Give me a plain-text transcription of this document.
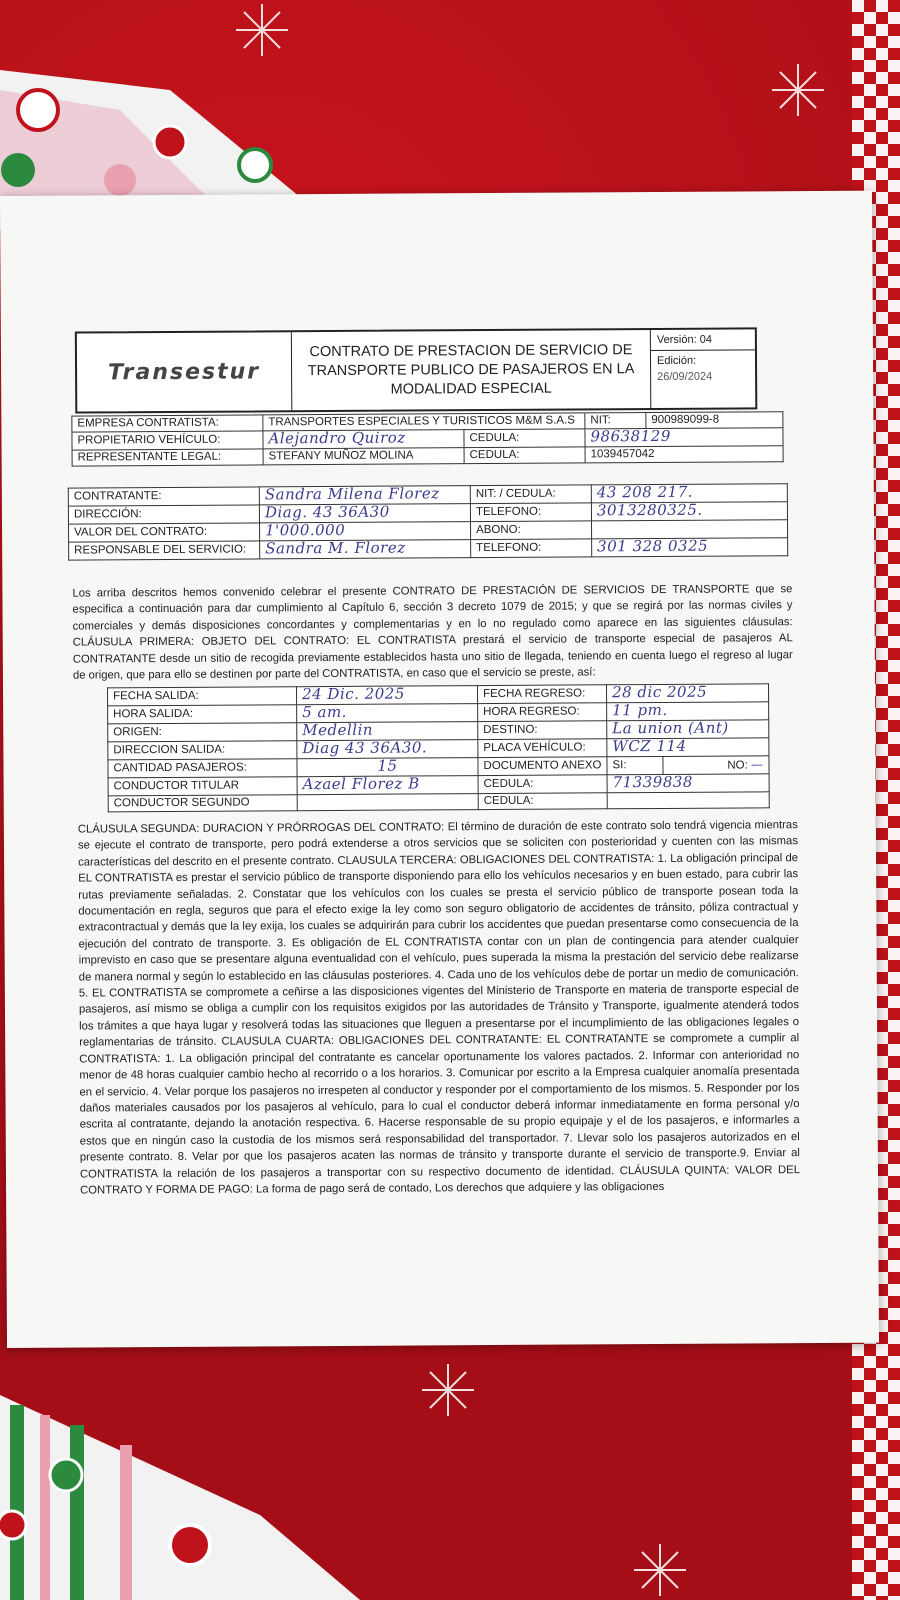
Transestur
CONTRATO DE PRESTACION DE SERVICIO DE
TRANSPORTE PUBLICO DE PASAJEROS EN LA
MODALIDAD ESPECIAL
Versión: 04
Edición:
26/09/2024
EMPRESA CONTRATISTA:	TRANSPORTES ESPECIALES Y TURISTICOS M&M S.A.S		NIT:	900989099-8
PROPIETARIO VEHÍCULO:	Alejandro Quiroz	CEDULA:	98638129	
REPRESENTANTE LEGAL:	STEFANY MUÑOZ MOLINA	CEDULA:	1039457042	
CONTRATANTE:	Sandra Milena Florez	NIT: / CEDULA:	43 208 217.
DIRECCIÓN:	Diag. 43 36A30	TELEFONO:	3013280325.
VALOR DEL CONTRATO:	1'000.000	ABONO:	
RESPONSABLE DEL SERVICIO:	Sandra M. Florez	TELEFONO:	301 328 0325
Los arriba descritos hemos convenido celebrar el presente CONTRATO DE PRESTACIÓN DE SERVICIOS DE TRANSPORTE que se especifica a continuación para dar cumplimiento al Capítulo 6, sección 3 decreto 1079 de 2015; y que se regirá por las normas civiles y comerciales y demás disposiciones concordantes y complementarias y en lo no regulado como aparece en las siguientes cláusulas: CLÁUSULA PRIMERA: OBJETO DEL CONTRATO: EL CONTRATISTA prestará el servicio de transporte especial de pasajeros AL CONTRATANTE desde un sitio de recogida previamente establecidos hasta uno sitio de llegada, teniendo en cuenta luego el regreso al lugar de origen, que para ello se destinen por parte del CONTRATISTA, en caso que el servicio se preste, así:
FECHA SALIDA:	24 Dic. 2025	FECHA REGRESO:	28 dic 2025	
HORA SALIDA:	5 am.	HORA REGRESO:	11 pm.	
ORIGEN:	Medellin	DESTINO:	La union (Ant)	
DIRECCION SALIDA:	Diag 43 36A30.	PLACA VEHÍCULO:	WCZ 114	
CANTIDAD PASAJEROS:	15	DOCUMENTO ANEXO	SI:	NO: —
CONDUCTOR TITULAR	Azael Florez B	CEDULA:	71339838	
CONDUCTOR SEGUNDO		CEDULA:		
CLÁUSULA SEGUNDA: DURACION Y PRÓRROGAS DEL CONTRATO: El término de duración de este contrato solo tendrá vigencia mientras se ejecute el contrato de transporte, pero podrá extenderse a otros servicios que se soliciten con posterioridad y cuenten con las mismas características del descrito en el presente contrato. CLAUSULA TERCERA: OBLIGACIONES DEL CONTRATISTA: 1. La obligación principal de EL CONTRATISTA es prestar el servicio público de transporte disponiendo para ello los vehículos necesarios y en buen estado, para cubrir las rutas previamente señaladas. 2. Constatar que los vehículos con los cuales se presta el servicio público de transporte posean toda la documentación en regla, seguros que para el efecto exige la ley como son seguro obligatorio de accidentes de tránsito, póliza contractual y extracontractual y demás que la ley exija, los cuales se adquirirán para cubrir los accidentes que puedan presentarse como consecuencia de la ejecución del contrato de transporte. 3. Es obligación de EL CONTRATISTA contar con un plan de contingencia para atender cualquier imprevisto en caso que se presentare alguna eventualidad con el vehículo, pues superada la misma la prestación del servicio debe realizarse de manera normal y según lo establecido en las cláusulas posteriores. 4. Cada uno de los vehículos debe de portar un medio de comunicación. 5. EL CONTRATISTA se compromete a ceñirse a las disposiciones vigentes del Ministerio de Transporte en materia de transporte especial de pasajeros, así mismo se obliga a cumplir con los requisitos exigidos por las autoridades de Tránsito y Transporte, igualmente atenderá todos los trámites a que haya lugar y resolverá todas las situaciones que lleguen a presentarse por el incumplimiento de las obligaciones legales o reglamentarias de tránsito. CLAUSULA CUARTA: OBLIGACIONES DEL CONTRATANTE: EL CONTRATANTE se compromete a cumplir al CONTRATISTA: 1. La obligación principal del contratante es cancelar oportunamente los valores pactados. 2. Informar con anterioridad no menor de 48 horas cualquier cambio hecho al recorrido o a los horarios. 3. Comunicar por escrito a la Empresa cualquier anomalía presentada en el servicio. 4. Velar porque los pasajeros no irrespeten al conductor y responder por el comportamiento de los mismos. 5. Responder por los daños materiales causados por los pasajeros al vehículo, para lo cual el conductor deberá informar inmediatamente en forma personal y/o escrita al contratante, dejando la anotación respectiva. 6. Hacerse responsable de su propio equipaje y el de los pasajeros, e informarles a estos que en ningún caso la custodia de los mismos será responsabilidad del transportador. 7. Llevar solo los pasajeros autorizados en el presente contrato. 8. Velar por que los pasajeros acaten las normas de tránsito y transporte durante el servicio de transporte.9. Enviar al CONTRATISTA la relación de los pasajeros a transportar con su respectivo documento de identidad. CLÁUSULA QUINTA: VALOR DEL CONTRATO Y FORMA DE PAGO: La forma de pago será de contado, Los derechos que adquiere y las obligaciones
